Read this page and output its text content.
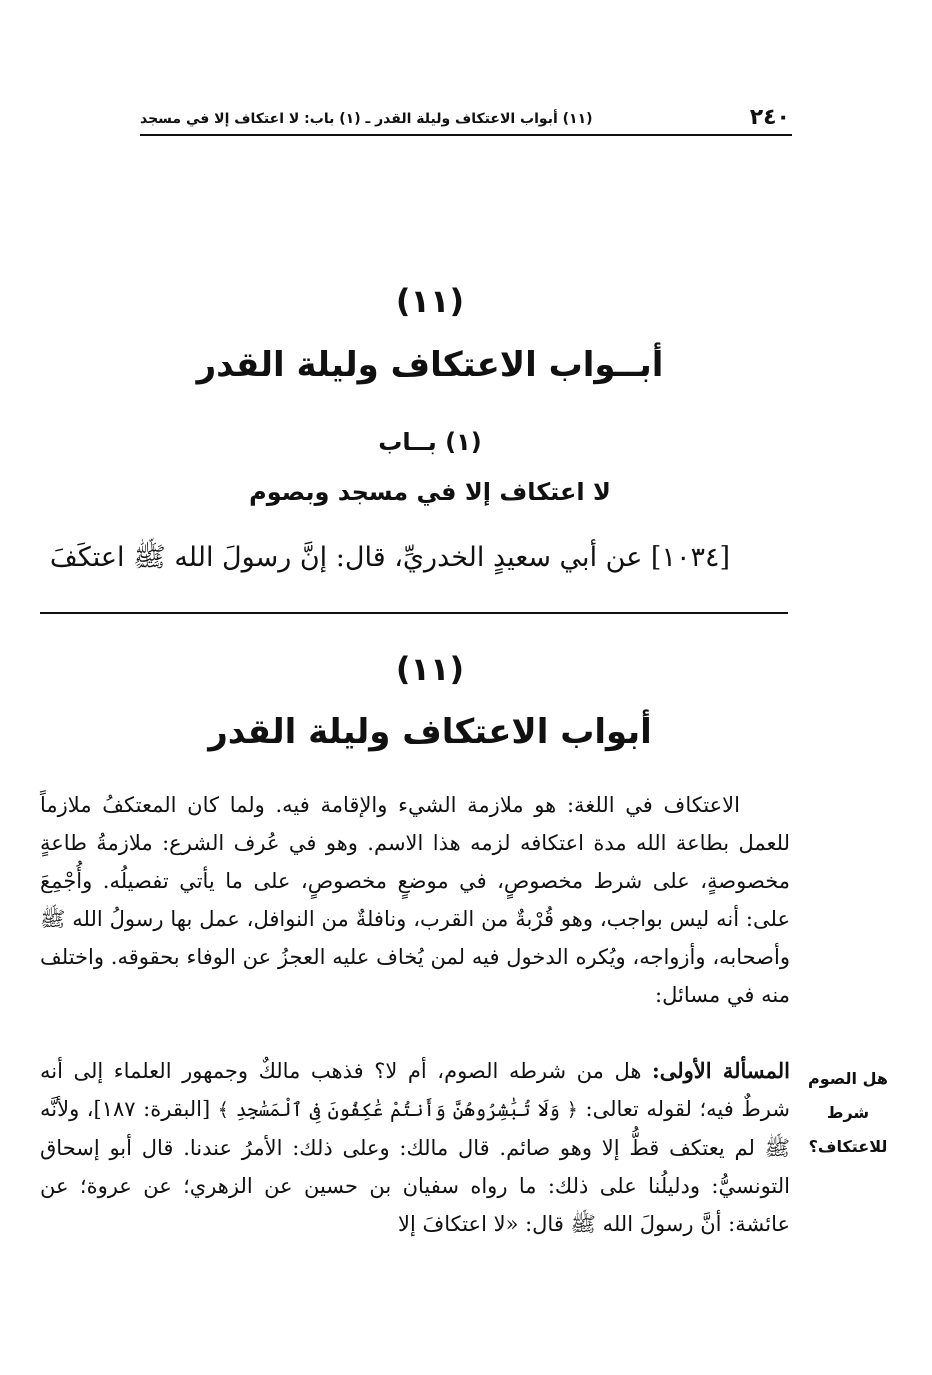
٢٤٠
(١١) أبواب الاعتكاف وليلة القدر ـ (١) باب: لا اعتكاف إلا في مسجد
(١١)
أبــواب الاعتكاف وليلة القدر
(١) بــاب
لا اعتكاف إلا في مسجد وبصوم
[١٠٣٤] عن أبي سعيدٍ الخدريِّ، قال: إنَّ رسولَ الله ﷺ اعتكَفَ
(١١)
أبواب الاعتكاف وليلة القدر

الاعتكاف في اللغة: هو ملازمة الشيء والإقامة فيه. ولما كان المعتكفُ ملازماً للعمل بطاعة الله مدة اعتكافه لزمه هذا الاسم. وهو في عُرف الشرع: ملازمةُ طاعةٍ مخصوصةٍ، على شرط مخصوصٍ، في موضعٍ مخصوصٍ، على ما يأتي تفصيلُه. وأُجْمِعَ على: أنه ليس بواجب، وهو قُرْبةٌ من القرب، ونافلةٌ من النوافل، عمل بها رسولُ الله ﷺ وأصحابه، وأزواجه، ويُكره الدخول فيه لمن يُخاف عليه العجزُ عن الوفاء بحقوقه. واختلف منه في مسائل:

المسألة الأولى: هل من شرطه الصوم، أم لا؟ فذهب مالكٌ وجمهور العلماء إلى أنه شرطٌ فيه؛ لقوله تعالى: ﴿ وَلَا تُبَٰشِرُوهُنَّ وَأَنتُمْ عَٰكِفُونَ فِى ٱلْمَسَٰجِدِ ﴾ [البقرة: ١٨٧]، ولأنَّه ﷺ لم يعتكف قطُّ إلا وهو صائم. قال مالك: وعلى ذلك: الأمرُ عندنا. قال أبو إسحاق التونسيُّ: ودليلُنا على ذلك: ما رواه سفيان بن حسين عن الزهري؛ عن عروة؛ عن عائشة: أنَّ رسولَ الله ﷺ قال: «لا اعتكافَ إلا

هل الصوم شرط للاعتكاف؟
